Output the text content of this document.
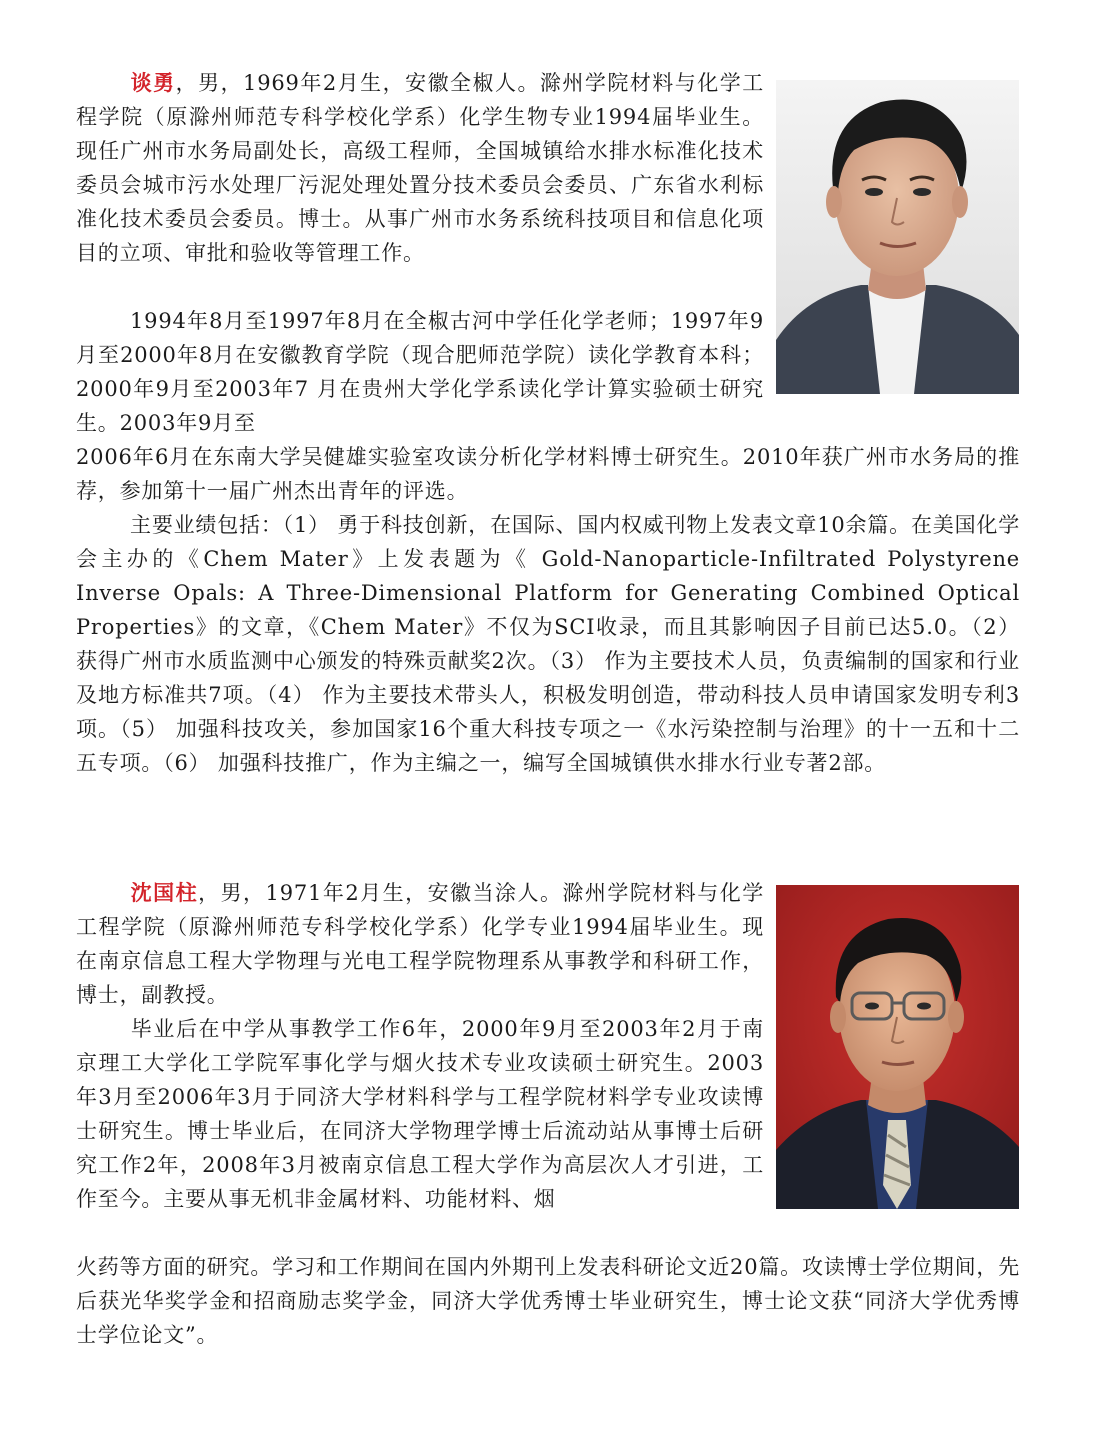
谈勇，男，1969年2月生，安徽全椒人。滁州学院材料与化学工程学院（原滁州师范专科学校化学系）化学生物专业1994届毕业生。现任广州市水务局副处长，高级工程师，全国城镇给水排水标准化技术委员会城市污水处理厂污泥处理处置分技术委员会委员、广东省水利标准化技术委员会委员。博士。从事广州市水务系统科技项目和信息化项目的立项、审批和验收等管理工作。

1994年8月至1997年8月在全椒古河中学任化学老师；1997年9月至2000年8月在安徽教育学院（现合肥师范学院）读化学教育本科；2000年9月至2003年7 月在贵州大学化学系读化学计算实验硕士研究生。2003年9月至

2006年6月在东南大学吴健雄实验室攻读分析化学材料博士研究生。2010年获广州市水务局的推荐，参加第十一届广州杰出青年的评选。

主要业绩包括：（1） 勇于科技创新，在国际、国内权威刊物上发表文章10余篇。在美国化学会主办的《Chem Mater》上发表题为《 Gold-Nanoparticle-Infiltrated Polystyrene Inverse Opals: A Three-Dimensional Platform for Generating Combined Optical Properties》的文章，《Chem Mater》不仅为SCI收录，而且其影响因子目前已达5.0。（2） 获得广州市水质监测中心颁发的特殊贡献奖2次。（3） 作为主要技术人员，负责编制的国家和行业及地方标准共7项。（4） 作为主要技术带头人，积极发明创造，带动科技人员申请国家发明专利3项。（5） 加强科技攻关，参加国家16个重大科技专项之一《水污染控制与治理》的十一五和十二五专项。（6） 加强科技推广，作为主编之一，编写全国城镇供水排水行业专著2部。

沈国柱，男，1971年2月生，安徽当涂人。滁州学院材料与化学工程学院（原滁州师范专科学校化学系）化学专业1994届毕业生。现在南京信息工程大学物理与光电工程学院物理系从事教学和科研工作，博士，副教授。

毕业后在中学从事教学工作6年，2000年9月至2003年2月于南京理工大学化工学院军事化学与烟火技术专业攻读硕士研究生。2003年3月至2006年3月于同济大学材料科学与工程学院材料学专业攻读博士研究生。博士毕业后，在同济大学物理学博士后流动站从事博士后研究工作2年，2008年3月被南京信息工程大学作为高层次人才引进，工作至今。主要从事无机非金属材料、功能材料、烟

火药等方面的研究。学习和工作期间在国内外期刊上发表科研论文近20篇。攻读博士学位期间，先后获光华奖学金和招商励志奖学金，同济大学优秀博士毕业研究生，博士论文获“同济大学优秀博士学位论文”。
